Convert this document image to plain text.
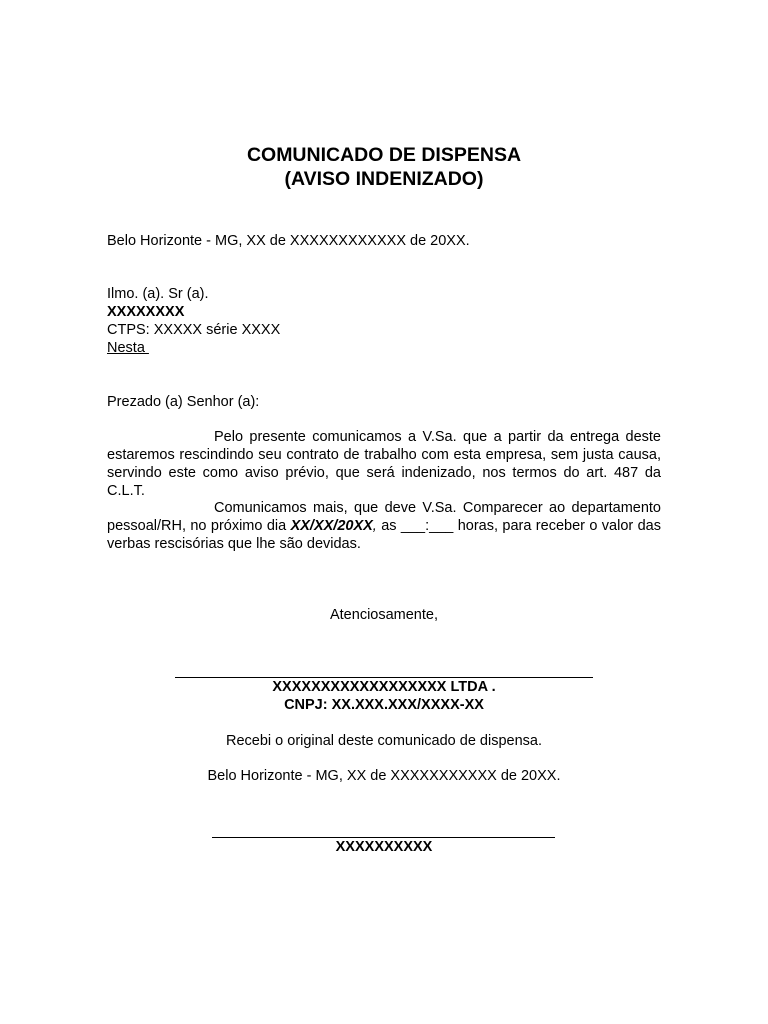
COMUNICADO DE DISPENSA
(AVISO INDENIZADO)
Belo Horizonte - MG, XX de XXXXXXXXXXXX de 20XX.
Ilmo. (a). Sr (a).
XXXXXXXX
CTPS: XXXXX série XXXX
Nesta
Prezado (a) Senhor (a):
Pelo presente comunicamos a V.Sa. que a partir da entrega deste estaremos rescindindo seu contrato de trabalho com esta empresa, sem justa causa, servindo este como aviso prévio, que será indenizado, nos termos do art. 487 da C.L.T.
Comunicamos mais, que deve V.Sa. Comparecer ao departamento pessoal/RH, no próximo dia XX/XX/20XX, as ___:___ horas, para receber o valor das verbas rescisórias que lhe são devidas.
Atenciosamente,
XXXXXXXXXXXXXXXXXX LTDA .
CNPJ: XX.XXX.XXX/XXXX-XX
Recebi o original deste comunicado de dispensa.
Belo Horizonte - MG, XX de XXXXXXXXXXX de 20XX.
XXXXXXXXXX
